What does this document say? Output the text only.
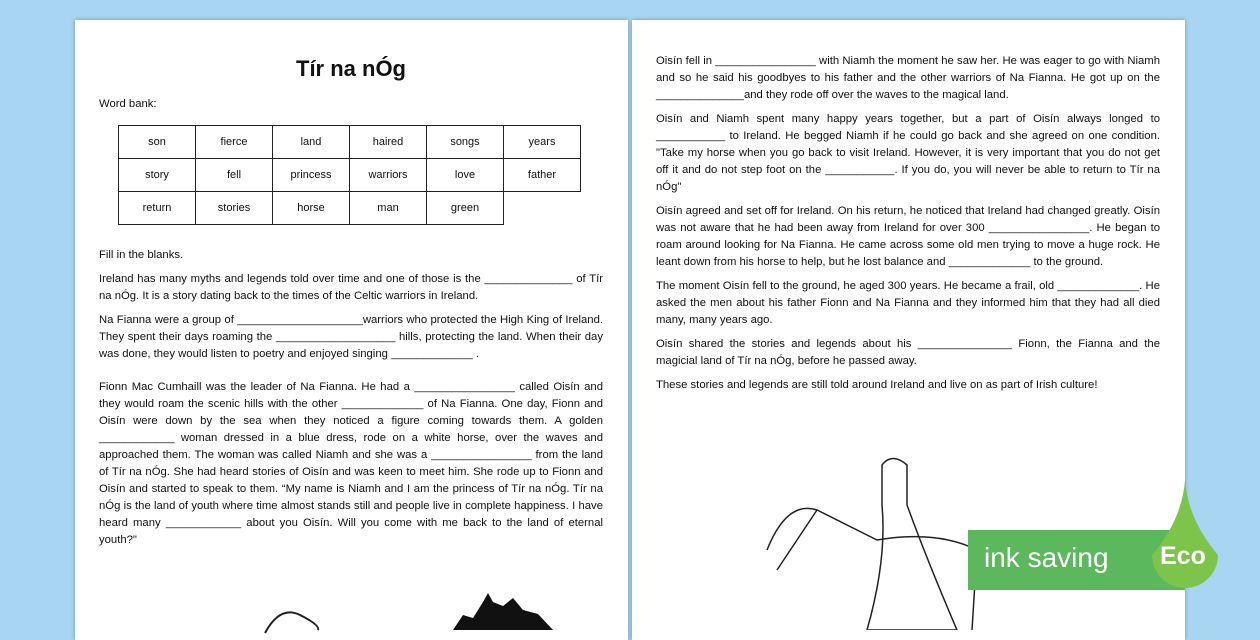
Tír na nÓg

Word bank:

son	fierce	land	haired	songs	years
story	fell	princess	warriors	love	father
return	stories	horse	man	green	

Fill in the blanks.

Ireland has many myths and legends told over time and one of those is the ______________ of Tír na nÓg. It is a story dating back to the times of the Celtic warriors in Ireland.

Na Fianna were a group of ____________________warriors who protected the High King of Ireland. They spent their days roaming the ___________________ hills, protecting the land. When their day was done, they would listen to poetry and enjoyed singing _____________ .

Fionn Mac Cumhaill was the leader of Na Fianna. He had a ________________ called Oisín and they would roam the scenic hills with the other _____________ of Na Fianna. One day, Fionn and Oisín were down by the sea when they noticed a figure coming towards them. A golden ____________ woman dressed in a blue dress, rode on a white horse, over the waves and approached them. The woman was called Niamh and she was a ________________ from the land of Tír na nÓg. She had heard stories of Oisín and was keen to meet him. She rode up to Fionn and Oisín and started to speak to them. “My name is Niamh and I am the princess of Tír na nÓg. Tír na nÓg is the land of youth where time almost stands still and people live in complete happiness. I have heard many ____________ about you Oisín. Will you come with me back to the land of eternal youth?"

Oisín fell in ________________ with Niamh the moment he saw her. He was eager to go with Niamh and so he said his goodbyes to his father and the other warriors of Na Fianna. He got up on the ______________and they rode off over the waves to the magical land.

Oisín and Niamh spent many happy years together, but a part of Oisín always longed to ___________ to Ireland. He begged Niamh if he could go back and she agreed on one condition. "Take my horse when you go back to visit Ireland. However, it is very important that you do not get off it and do not step foot on the ___________. If you do, you will never be able to return to Tír na nÓg"

Oisín agreed and set off for Ireland. On his return, he noticed that Ireland had changed greatly. Oisín was not aware that he had been away from Ireland for over 300 ________________. He began to roam around looking for Na Fianna. He came across some old men trying to move a huge rock. He leant down from his horse to help, but he lost balance and _____________ to the ground.

The moment Oisín fell to the ground, he aged 300 years. He became a frail, old _____________. He asked the men about his father Fionn and Na Fianna and they informed him that they had all died many, many years ago.

Oisín shared the stories and legends about his _______________ Fionn, the Fianna and the magicial land of Tír na nÓg, before he passed away.

These stories and legends are still told around Ireland and live on as part of Irish culture!

ink saving Eco
